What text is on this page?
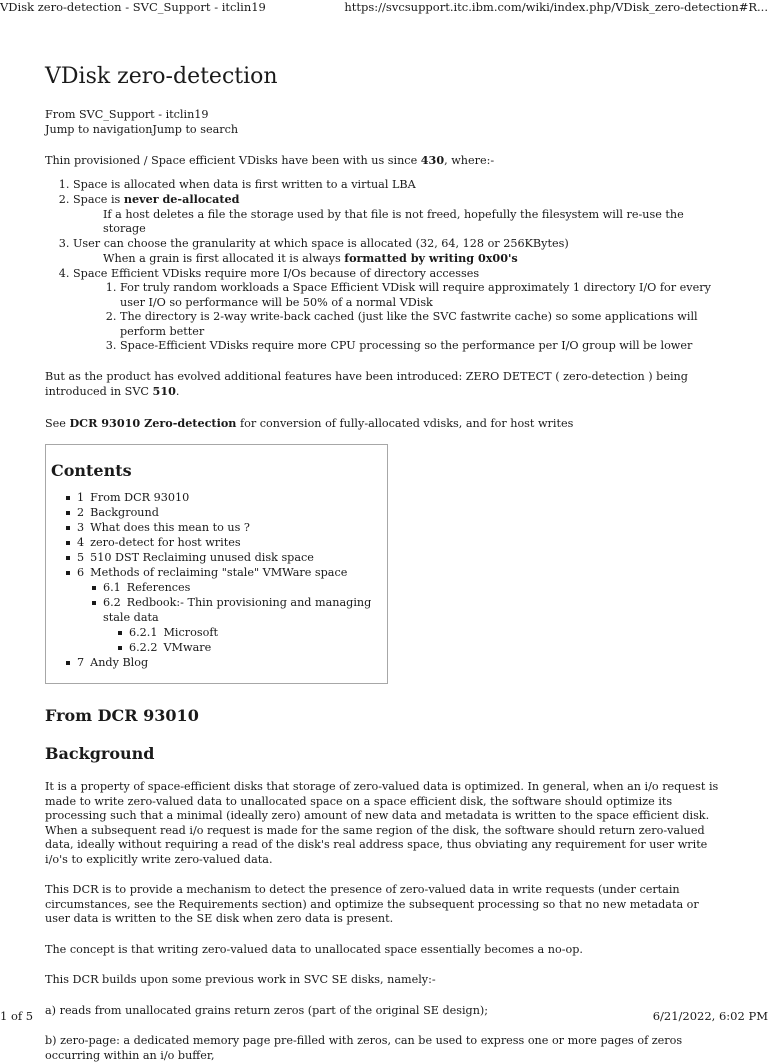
VDisk zero-detection - SVC_Support - itclin19	https://svcsupport.itc.ibm.com/wiki/index.php/VDisk_zero-detection#R...
VDisk zero-detection
From SVC_Support - itclin19
Jump to navigationJump to search

Thin provisioned / Space efficient VDisks have been with us since 430, where:-

1. Space is allocated when data is first written to a virtual LBA
2. Space is never de-allocated
If a host deletes a file the storage used by that file is not freed, hopefully the filesystem will re-use the storage
3. User can choose the granularity at which space is allocated (32, 64, 128 or 256KBytes)
When a grain is first allocated it is always formatted by writing 0x00's
4. Space Efficient VDisks require more I/Os because of directory accesses
1. For truly random workloads a Space Efficient VDisk will require approximately 1 directory I/O for every user I/O so performance will be 50% of a normal VDisk
2. The directory is 2-way write-back cached (just like the SVC fastwrite cache) so some applications will perform better
3. Space-Efficient VDisks require more CPU processing so the performance per I/O group will be lower

But as the product has evolved additional features have been introduced: ZERO DETECT ( zero-detection ) being introduced in SVC 510.

See DCR 93010 Zero-detection for conversion of fully-allocated vdisks, and for host writes

Contents
1 From DCR 93010
2 Background
3 What does this mean to us ?
4 zero-detect for host writes
5 510 DST Reclaiming unused disk space
6 Methods of reclaiming "stale" VMWare space
6.1 References
6.2 Redbook:- Thin provisioning and managing stale data
6.2.1 Microsoft
6.2.2 VMware
7 Andy Blog
From DCR 93010
Background

It is a property of space-efficient disks that storage of zero-valued data is optimized. In general, when an i/o request is made to write zero-valued data to unallocated space on a space efficient disk, the software should optimize its processing such that a minimal (ideally zero) amount of new data and metadata is written to the space efficient disk. When a subsequent read i/o request is made for the same region of the disk, the software should return zero-valued data, ideally without requiring a read of the disk's real address space, thus obviating any requirement for user write i/o's to explicitly write zero-valued data.

This DCR is to provide a mechanism to detect the presence of zero-valued data in write requests (under certain circumstances, see the Requirements section) and optimize the subsequent processing so that no new metadata or user data is written to the SE disk when zero data is present.

The concept is that writing zero-valued data to unallocated space essentially becomes a no-op.

This DCR builds upon some previous work in SVC SE disks, namely:-

a) reads from unallocated grains return zeros (part of the original SE design);

b) zero-page: a dedicated memory page pre-filled with zeros, can be used to express one or more pages of zeros occurring within an i/o buffer,

1 of 5	6/21/2022, 6:02 PM
